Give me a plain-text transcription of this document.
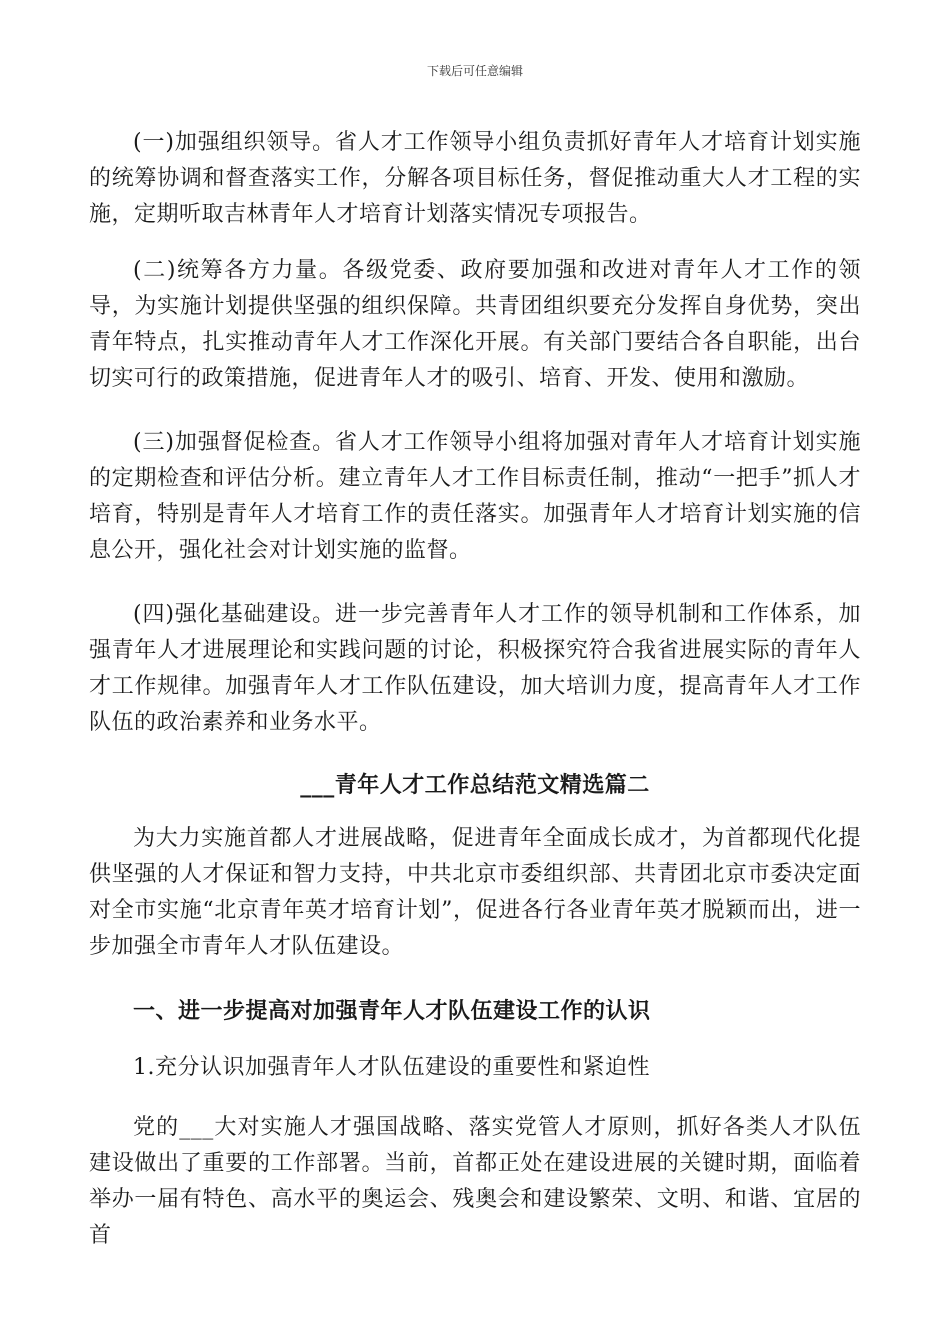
下载后可任意编辑

(一)加强组织领导。省人才工作领导小组负责抓好青年人才培育计划实施的统筹协调和督查落实工作，分解各项目标任务，督促推动重大人才工程的实施，定期听取吉林青年人才培育计划落实情况专项报告。

(二)统筹各方力量。各级党委、政府要加强和改进对青年人才工作的领导，为实施计划提供坚强的组织保障。共青团组织要充分发挥自身优势，突出青年特点，扎实推动青年人才工作深化开展。有关部门要结合各自职能，出台切实可行的政策措施，促进青年人才的吸引、培育、开发、使用和激励。

(三)加强督促检查。省人才工作领导小组将加强对青年人才培育计划实施的定期检查和评估分析。建立青年人才工作目标责任制，推动“一把手”抓人才培育，特别是青年人才培育工作的责任落实。加强青年人才培育计划实施的信息公开，强化社会对计划实施的监督。

(四)强化基础建设。进一步完善青年人才工作的领导机制和工作体系，加强青年人才进展理论和实践问题的讨论，积极探究符合我省进展实际的青年人才工作规律。加强青年人才工作队伍建设，加大培训力度，提高青年人才工作队伍的政治素养和业务水平。

___青年人才工作总结范文精选篇二

为大力实施首都人才进展战略，促进青年全面成长成才，为首都现代化提供坚强的人才保证和智力支持，中共北京市委组织部、共青团北京市委决定面对全市实施“北京青年英才培育计划”，促进各行各业青年英才脱颖而出，进一步加强全市青年人才队伍建设。

一、进一步提高对加强青年人才队伍建设工作的认识

1.充分认识加强青年人才队伍建设的重要性和紧迫性

党的___大对实施人才强国战略、落实党管人才原则，抓好各类人才队伍建设做出了重要的工作部署。当前，首都正处在建设进展的关键时期，面临着举办一届有特色、高水平的奥运会、残奥会和建设繁荣、文明、和谐、宜居的首
